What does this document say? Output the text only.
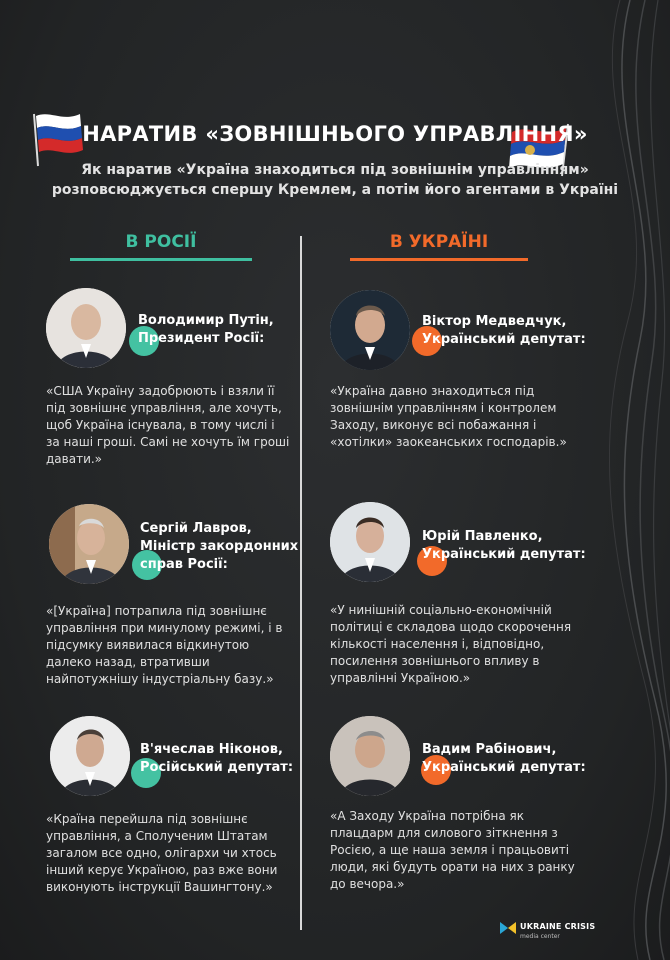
НАРАТИВ «ЗОВНІШНЬОГО УПРАВЛІННЯ»
Як наратив «Україна знаходиться під зовнішнім управлінням»
розповсюджується спершу Кремлем, а потім його агентами в Україні
В РОСІЇ	В УКРАЇНІ
Володимир Путін,
Президент Росії:
«США Україну задобрюють і взяли її
під зовнішнє управління, але хочуть,
щоб Україна існувала, в тому числі і
за наші гроші. Самі не хочуть їм гроші
давати.»
Сергій Лавров,
Міністр закордонних
справ Росії:
«[Україна] потрапила під зовнішнє
управління при минулому режимі, і в
підсумку виявилася відкинутою
далеко назад, втративши
найпотужнішу індустріальну базу.»
В'ячеслав Ніконов,
Російський депутат:
«Країна перейшла під зовнішнє
управління, а Сполученим Штатам
загалом все одно, олігархи чи хтось
інший керує Україною, раз вже вони
виконують інструкції Вашингтону.»
Віктор Медведчук,
Український депутат:
«Україна давно знаходиться під
зовнішнім управлінням і контролем
Заходу, виконує всі побажання і
«хотілки» заокеанських господарів.»
Юрій Павленко,
Український депутат:
«У нинішній соціально-економічній
політиці є складова щодо скорочення
кількості населення і, відповідно,
посилення зовнішнього впливу в
управлінні Україною.»
Вадим Рабінович,
Український депутат:
«А Заходу Україна потрібна як
плацдарм для силового зіткнення з
Росією, а ще наша земля і працьовиті
люди, які будуть орати на них з ранку
до вечора.»
UKRAINE CRISIS
media center
